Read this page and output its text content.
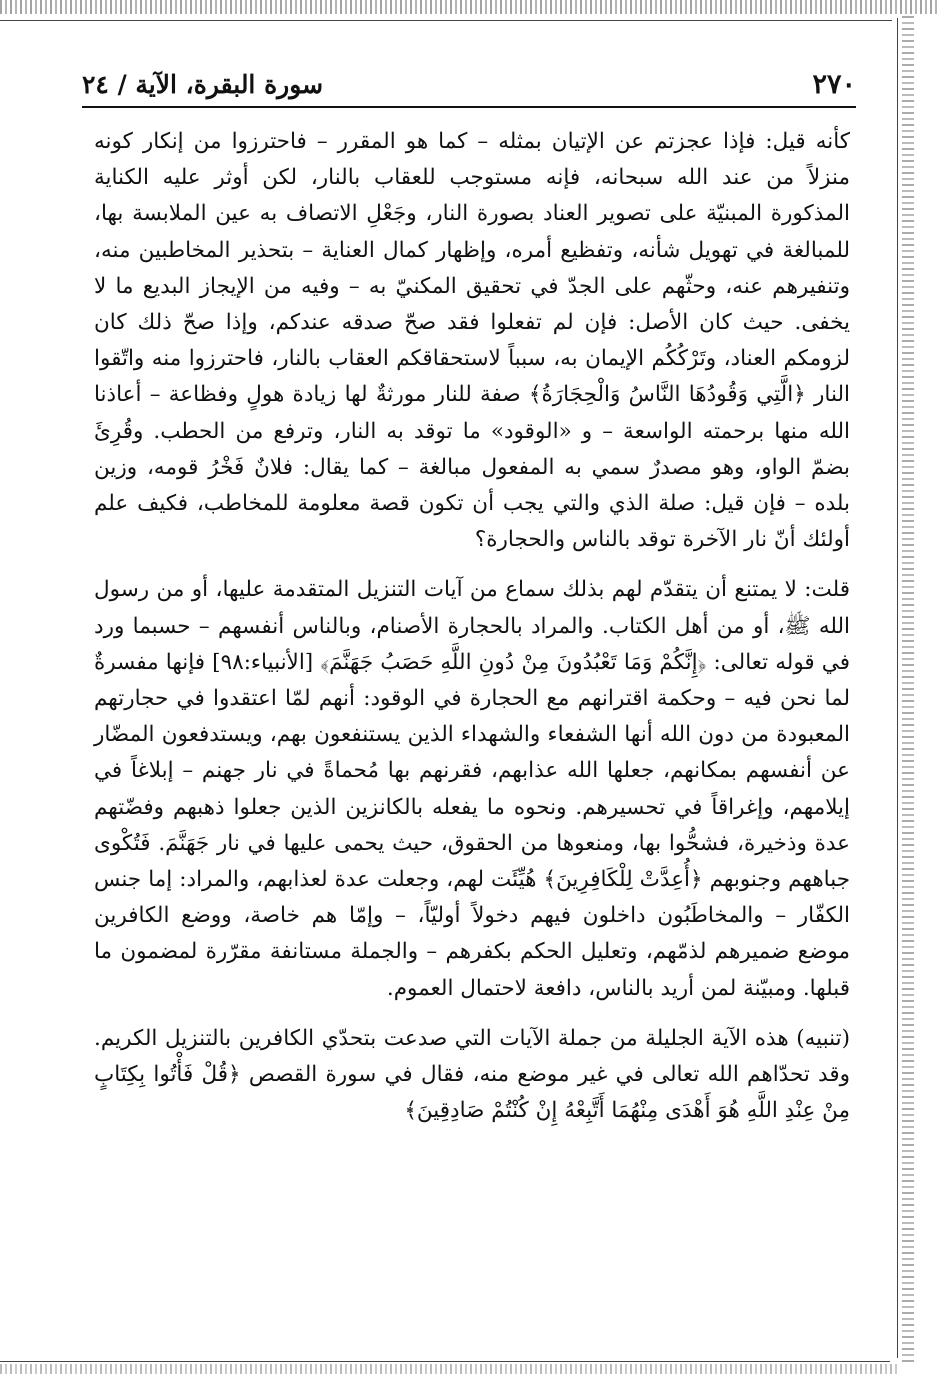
٢٧٠
سورة البقرة، الآية / ٢٤

كأنه قيل: فإذا عجزتم عن الإتيان بمثله – كما هو المقرر – فاحترزوا من إنكار كونه منزلاً من عند الله سبحانه، فإنه مستوجب للعقاب بالنار، لكن أوثر عليه الكناية المذكورة المبنيّة على تصوير العناد بصورة النار، وجَعْلِ الاتصاف به عين الملابسة بها، للمبالغة في تهويل شأنه، وتفظيع أمره، وإظهار كمال العناية – بتحذير المخاطبين منه، وتنفيرهم عنه، وحثّهم على الجدّ في تحقيق المكنيّ به – وفيه من الإيجاز البديع ما لا يخفى. حيث كان الأصل: فإن لم تفعلوا فقد صحّ صدقه عندكم، وإذا صحّ ذلك كان لزومكم العناد، وتَرْكُكُم الإيمان به، سبباً لاستحقاقكم العقاب بالنار، فاحترزوا منه واتّقوا النار ﴿الَّتِي وَقُودُهَا النَّاسُ وَالْحِجَارَةُ﴾ صفة للنار مورثةٌ لها زيادة هولٍ وفظاعة – أعاذنا الله منها برحمته الواسعة – و «الوقود» ما توقد به النار، وترفع من الحطب. وقُرِئَ بضمّ الواو، وهو مصدرٌ سمي به المفعول مبالغة – كما يقال: فلانٌ فَخْرُ قومه، وزين بلده – فإن قيل: صلة الذي والتي يجب أن تكون قصة معلومة للمخاطب، فكيف علم أولئك أنّ نار الآخرة توقد بالناس والحجارة؟

قلت: لا يمتنع أن يتقدّم لهم بذلك سماع من آيات التنزيل المتقدمة عليها، أو من رسول الله ﷺ، أو من أهل الكتاب. والمراد بالحجارة الأصنام، وبالناس أنفسهم – حسبما ورد في قوله تعالى: ﴿إِنَّكُمْ وَمَا تَعْبُدُونَ مِنْ دُونِ اللَّهِ حَصَبُ جَهَنَّمَ﴾ [الأنبياء:٩٨] فإنها مفسرةٌ لما نحن فيه – وحكمة اقترانهم مع الحجارة في الوقود: أنهم لمّا اعتقدوا في حجارتهم المعبودة من دون الله أنها الشفعاء والشهداء الذين يستنفعون بهم، ويستدفعون المضّار عن أنفسهم بمكانهم، جعلها الله عذابهم، فقرنهم بها مُحماةً في نار جهنم – إبلاغاً في إيلامهم، وإغراقاً في تحسيرهم. ونحوه ما يفعله بالكانزين الذين جعلوا ذهبهم وفضّتهم عدة وذخيرة، فشحُّوا بها، ومنعوها من الحقوق، حيث يحمى عليها في نار جَهَنَّمَ. فَتُكْوى جباههم وجنوبهم ﴿أُعِدَّتْ لِلْكَافِرِينَ﴾ هُيِّئَت لهم، وجعلت عدة لعذابهم، والمراد: إما جنس الكفّار – والمخاطَبُون داخلون فيهم دخولاً أوليّاً، – وإمّا هم خاصة، ووضع الكافرين موضع ضميرهم لذمّهم، وتعليل الحكم بكفرهم – والجملة مستانفة مقرّرة لمضمون ما قبلها. ومبيّنة لمن أريد بالناس، دافعة لاحتمال العموم.

(تنبيه) هذه الآية الجليلة من جملة الآيات التي صدعت بتحدّي الكافرين بالتنزيل الكريم. وقد تحدّاهم الله تعالى في غير موضع منه، فقال في سورة القصص ﴿قُلْ فَأْتُوا بِكِتَابٍ مِنْ عِنْدِ اللَّهِ هُوَ أَهْدَى مِنْهُمَا أَتَّبِعْهُ إِنْ كُنْتُمْ صَادِقِينَ﴾
